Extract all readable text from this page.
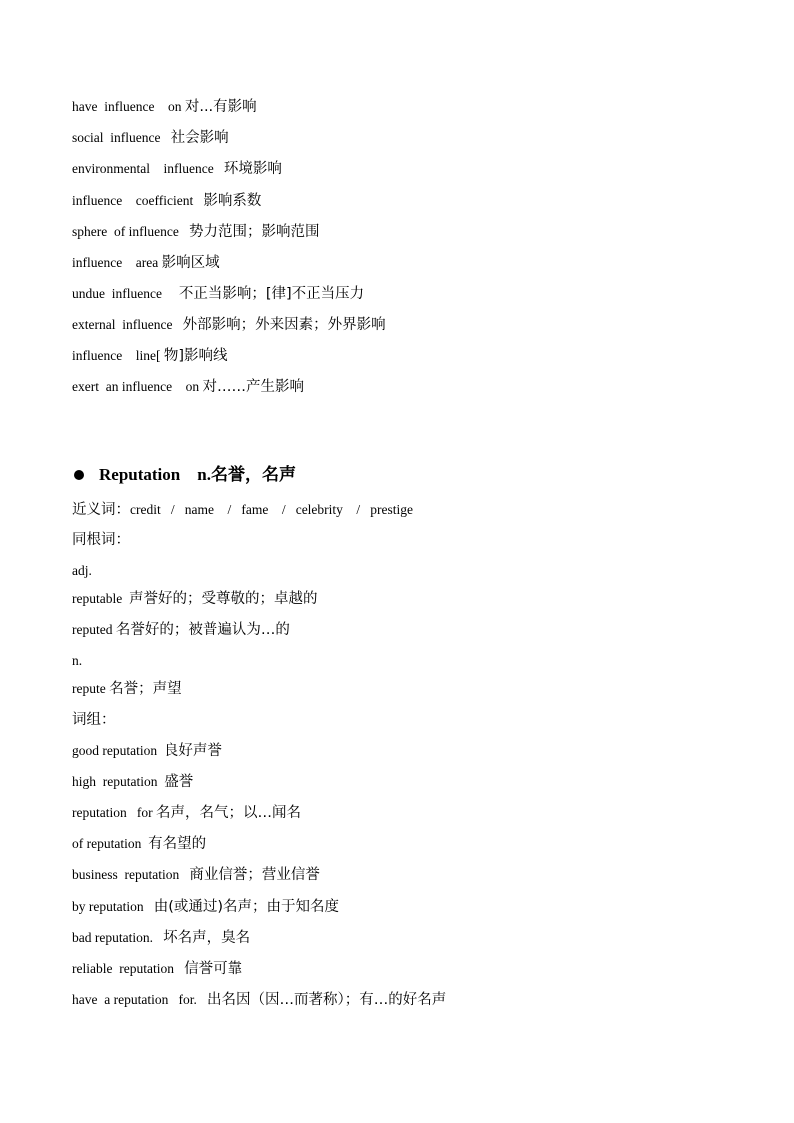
have  influence    on 对...有影响
social  influence   社会影响
environmental    influence   环境影响
influence    coefficient   影响系数
sphere  of influence   势力范围；影响范围
influence    area 影响区域
undue  influence     不正当影响；[律]不正当压力
external  influence   外部影响；外来因素；外界影响
influence    line[ 物]影响线
exert  an influence    on 对……产生影响
Reputation n.名誉，名声
近义词：credit   /   name    /   fame    /   celebrity    /   prestige
同根词：
adj.
reputable  声誉好的；受尊敬的；卓越的
reputed 名誉好的；被普遍认为…的
n.
repute 名誉；声望
词组：
good reputation  良好声誉
high  reputation  盛誉
reputation   for 名声，名气；以…闻名
of reputation  有名望的
business  reputation   商业信誉；营业信誉
by reputation   由(或通过)名声；由于知名度
bad reputation.   坏名声，臭名
reliable  reputation   信誉可靠
have  a reputation   for.   出名因（因…而著称）；有…的好名声
